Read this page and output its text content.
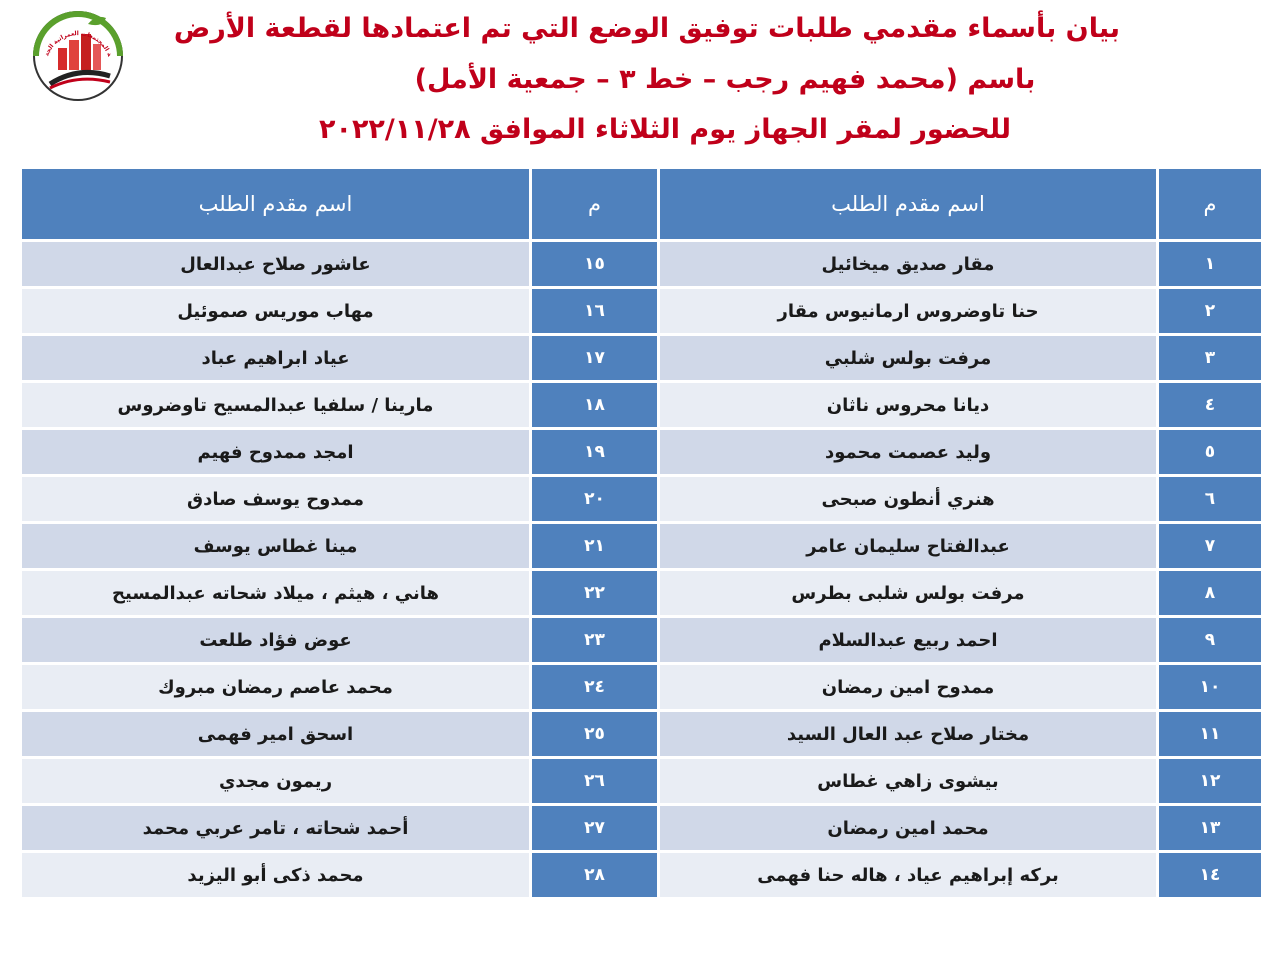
ة المجتمعات العمرانية الجد
بيان بأسماء مقدمي طلبات توفيق الوضع التي تم اعتمادها لقطعة الأرض
باسم (محمد فهيم رجب – خط ٣ – جمعية الأمل)
للحضور لمقر الجهاز يوم الثلاثاء الموافق ٢٠٢٢/١١/٢٨
م	اسم مقدم الطلب	م	اسم مقدم الطلب
١	مقار صديق ميخائيل	١٥	عاشور صلاح عبدالعال
٢	حنا تاوضروس ارمانيوس مقار	١٦	مهاب موريس صموئيل
٣	مرفت بولس شلبي	١٧	عياد ابراهيم عباد
٤	ديانا محروس ناثان	١٨	مارينا / سلفيا عبدالمسيح تاوضروس
٥	وليد عصمت محمود	١٩	امجد ممدوح فهيم
٦	هنري أنطون صبحى	٢٠	ممدوح يوسف صادق
٧	عبدالفتاح سليمان عامر	٢١	مينا غطاس يوسف
٨	مرفت بولس شلبى بطرس	٢٢	هاني ، هيثم ، ميلاد شحاته عبدالمسيح
٩	احمد ربيع عبدالسلام	٢٣	عوض فؤاد طلعت
١٠	ممدوح امين رمضان	٢٤	محمد عاصم رمضان مبروك
١١	مختار صلاح عبد العال السيد	٢٥	اسحق امير فهمى
١٢	بيشوى زاهي غطاس	٢٦	ريمون مجدي
١٣	محمد امين رمضان	٢٧	أحمد شحاته ، تامر عربي محمد
١٤	بركه إبراهيم عياد ، هاله حنا فهمى	٢٨	محمد ذكى أبو اليزيد
